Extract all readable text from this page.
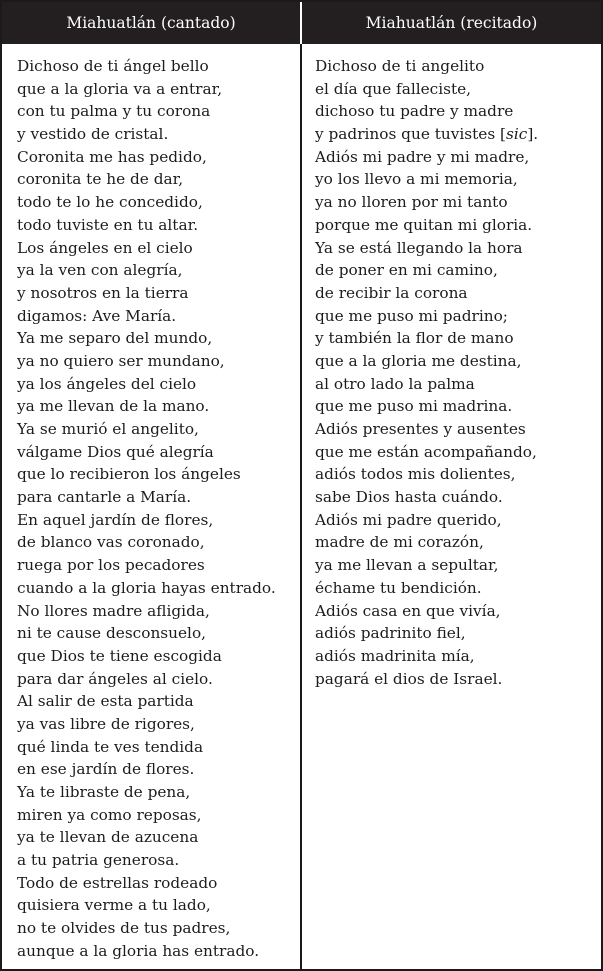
Miahuatlán (cantado)	Miahuatlán (recitado)
Dichoso de ti ángel bello
que a la gloria va a entrar,
con tu palma y tu corona
y vestido de cristal.
Coronita me has pedido,
coronita te he de dar,
todo te lo he concedido,
todo tuviste en tu altar.
Los ángeles en el cielo
ya la ven con alegría,
y nosotros en la tierra
digamos: Ave María.
Ya me separo del mundo,
ya no quiero ser mundano,
ya los ángeles del cielo
ya me llevan de la mano.
Ya se murió el angelito,
válgame Dios qué alegría
que lo recibieron los ángeles
para cantarle a María.
En aquel jardín de flores,
de blanco vas coronado,
ruega por los pecadores
cuando a la gloria hayas entrado.
No llores madre afligida,
ni te cause desconsuelo,
que Dios te tiene escogida
para dar ángeles al cielo.
Al salir de esta partida
ya vas libre de rigores,
qué linda te ves tendida
en ese jardín de flores.
Ya te libraste de pena,
miren ya como reposas,
ya te llevan de azucena
a tu patria generosa.
Todo de estrellas rodeado
quisiera verme a tu lado,
no te olvides de tus padres,
aunque a la gloria has entrado.
Dichoso de ti angelito
el día que falleciste,
dichoso tu padre y madre
y padrinos que tuvistes [sic].
Adiós mi padre y mi madre,
yo los llevo a mi memoria,
ya no lloren por mi tanto
porque me quitan mi gloria.
Ya se está llegando la hora
de poner en mi camino,
de recibir la corona
que me puso mi padrino;
y también la flor de mano
que a la gloria me destina,
al otro lado la palma
que me puso mi madrina.
Adiós presentes y ausentes
que me están acompañando,
adiós todos mis dolientes,
sabe Dios hasta cuándo.
Adiós mi padre querido,
madre de mi corazón,
ya me llevan a sepultar,
échame tu bendición.
Adiós casa en que vivía,
adiós padrinito fiel,
adiós madrinita mía,
pagará el dios de Israel.
